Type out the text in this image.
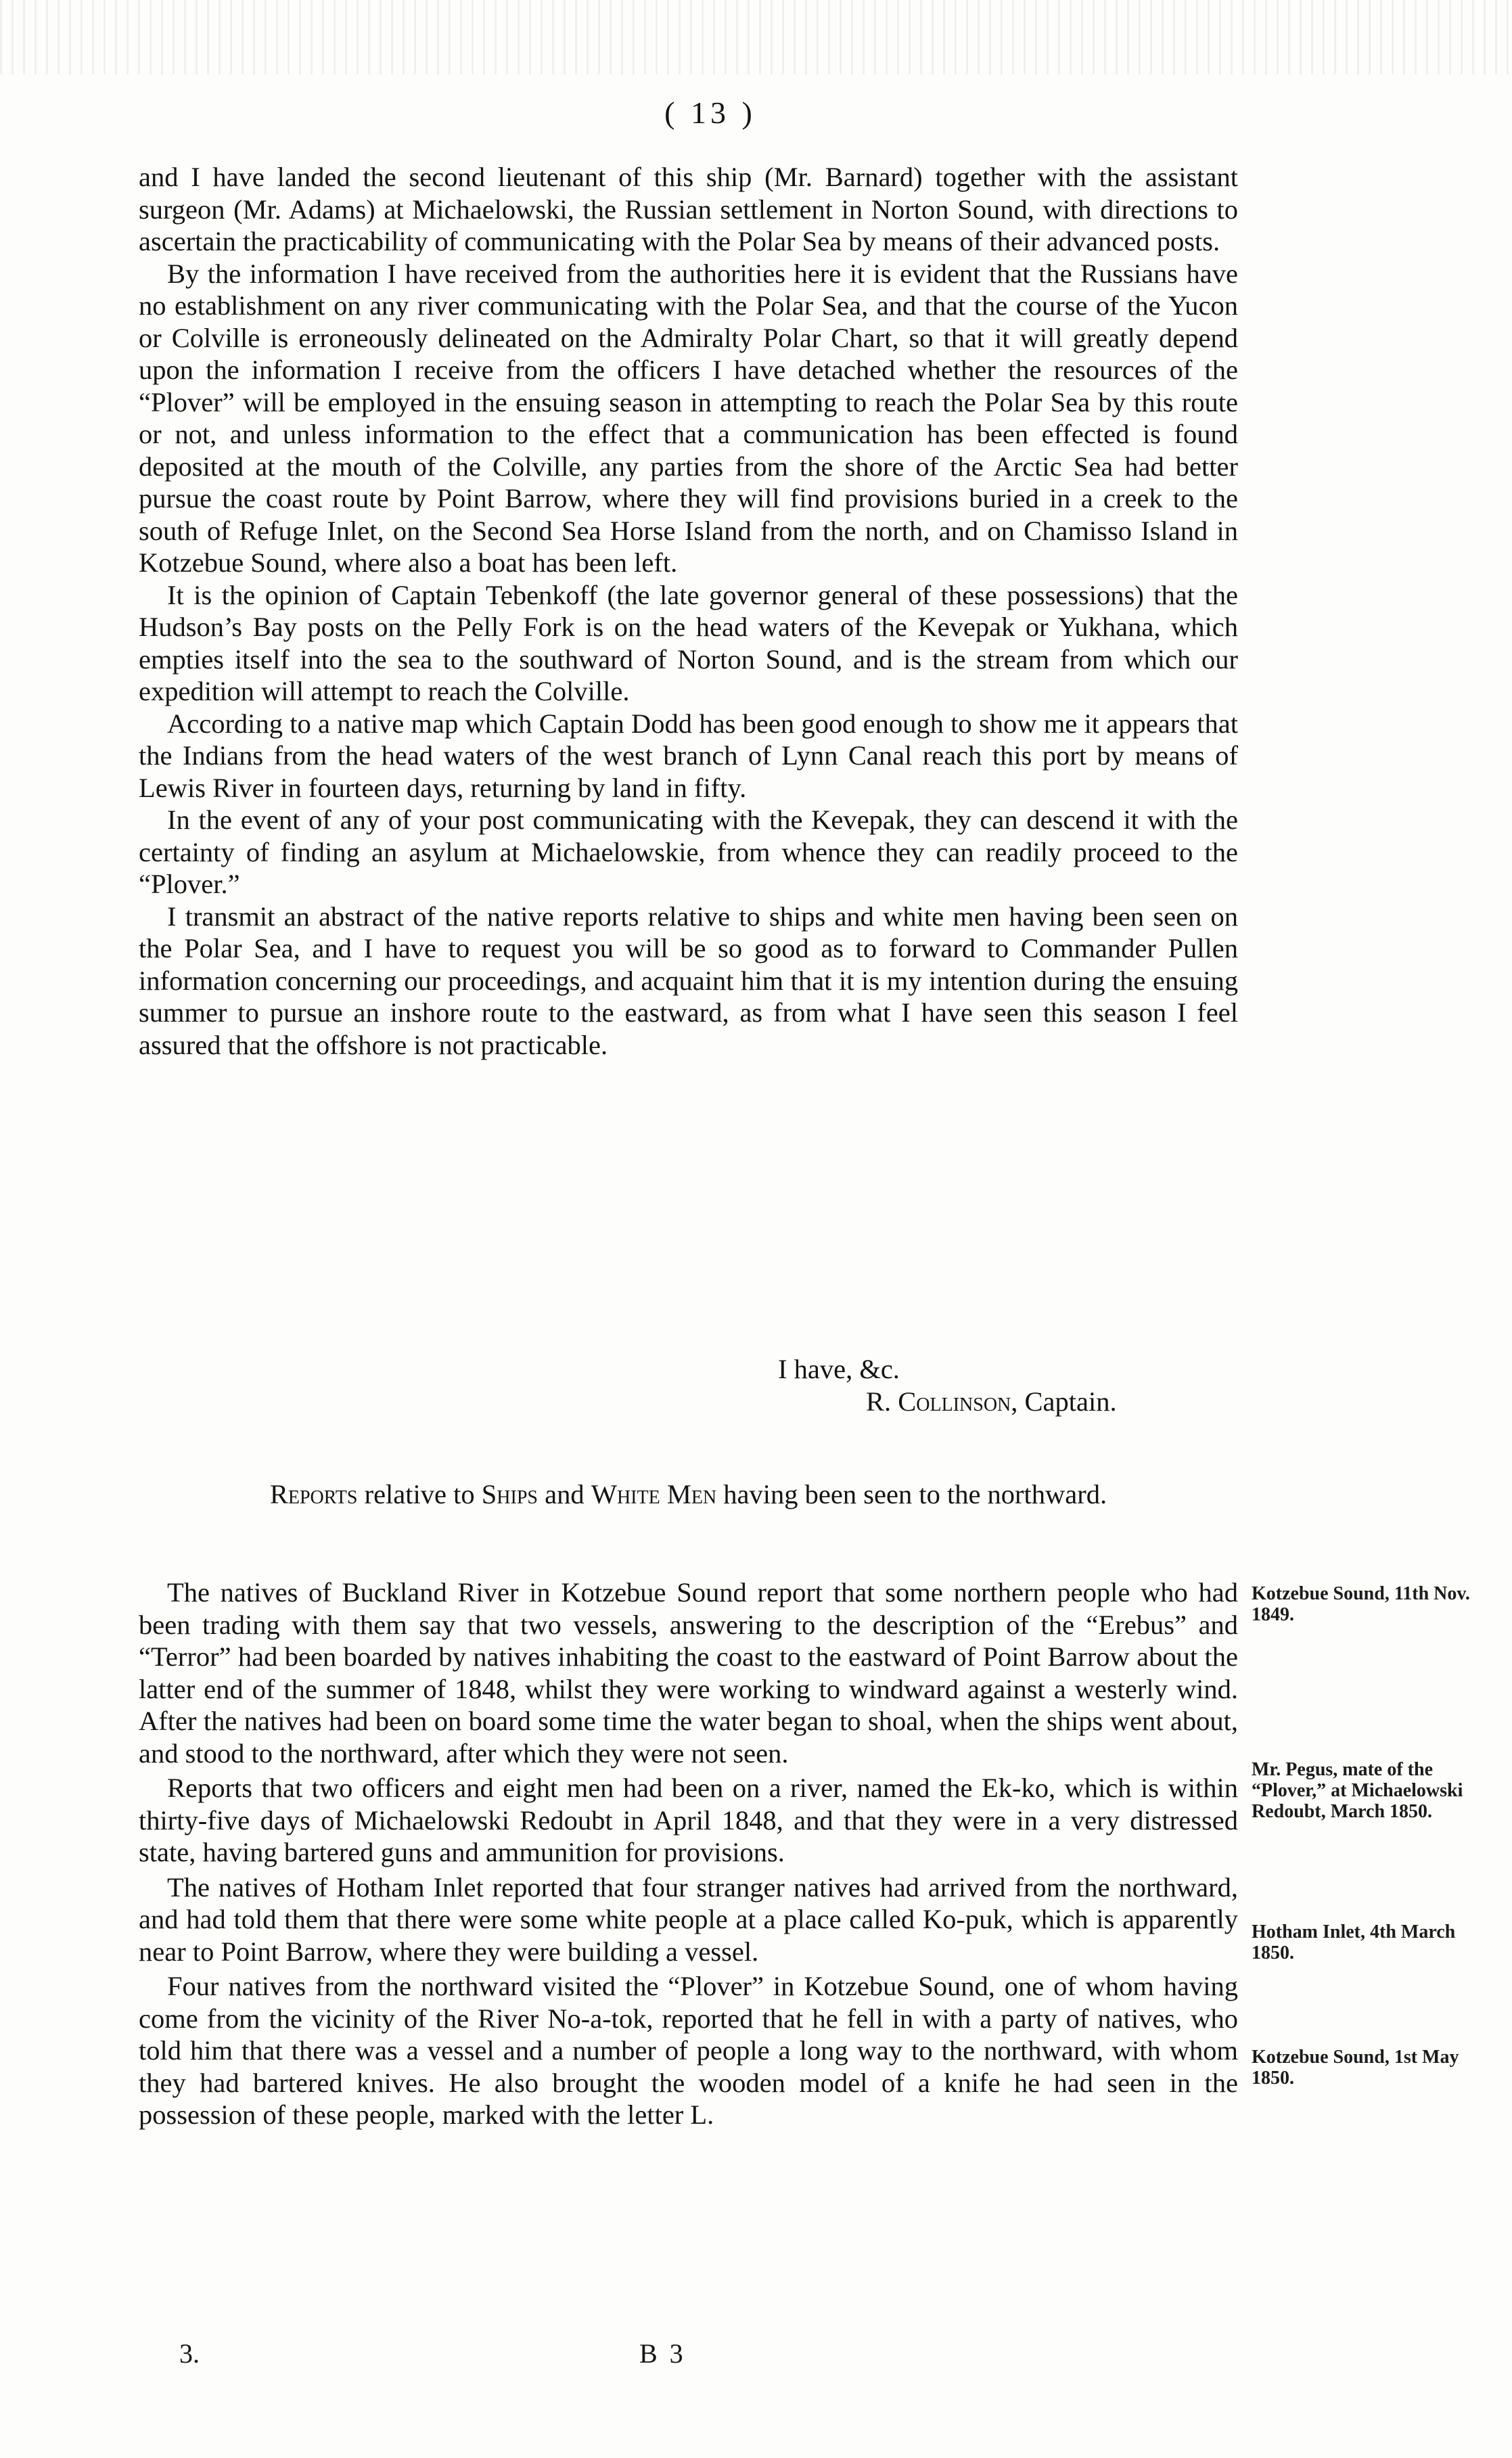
( 13 )

and I have landed the second lieutenant of this ship (Mr. Barnard) together with the assistant surgeon (Mr. Adams) at Michaelowski, the Russian settlement in Norton Sound, with directions to ascertain the practicability of communicating with the Polar Sea by means of their advanced posts.

By the information I have received from the authorities here it is evident that the Russians have no establishment on any river communicating with the Polar Sea, and that the course of the Yucon or Colville is erroneously delineated on the Admiralty Polar Chart, so that it will greatly depend upon the information I receive from the officers I have detached whether the resources of the “Plover” will be employed in the ensuing season in attempting to reach the Polar Sea by this route or not, and unless information to the effect that a communication has been effected is found deposited at the mouth of the Colville, any parties from the shore of the Arctic Sea had better pursue the coast route by Point Barrow, where they will find provisions buried in a creek to the south of Refuge Inlet, on the Second Sea Horse Island from the north, and on Chamisso Island in Kotzebue Sound, where also a boat has been left.

It is the opinion of Captain Tebenkoff (the late governor general of these possessions) that the Hudson’s Bay posts on the Pelly Fork is on the head waters of the Kevepak or Yukhana, which empties itself into the sea to the southward of Norton Sound, and is the stream from which our expedition will attempt to reach the Colville.

According to a native map which Captain Dodd has been good enough to show me it appears that the Indians from the head waters of the west branch of Lynn Canal reach this port by means of Lewis River in fourteen days, returning by land in fifty.

In the event of any of your post communicating with the Kevepak, they can descend it with the certainty of finding an asylum at Michaelowskie, from whence they can readily proceed to the “Plover.”

I transmit an abstract of the native reports relative to ships and white men having been seen on the Polar Sea, and I have to request you will be so good as to forward to Commander Pullen information concerning our proceedings, and acquaint him that it is my intention during the ensuing summer to pursue an inshore route to the eastward, as from what I have seen this season I feel assured that the offshore is not practicable.

I have, &c.

R. Collinson, Captain.

Reports relative to Ships and White Men having been seen to the northward.

The natives of Buckland River in Kotzebue Sound report that some northern people who had been trading with them say that two vessels, answering to the description of the “Erebus” and “Terror” had been boarded by natives inhabiting the coast to the eastward of Point Barrow about the latter end of the summer of 1848, whilst they were working to windward against a westerly wind. After the natives had been on board some time the water began to shoal, when the ships went about, and stood to the northward, after which they were not seen.

Reports that two officers and eight men had been on a river, named the Ek-ko, which is within thirty-five days of Michaelowski Redoubt in April 1848, and that they were in a very distressed state, having bartered guns and ammunition for provisions.

The natives of Hotham Inlet reported that four stranger natives had arrived from the northward, and had told them that there were some white people at a place called Ko-puk, which is apparently near to Point Barrow, where they were building a vessel.

Four natives from the northward visited the “Plover” in Kotzebue Sound, one of whom having come from the vicinity of the River No-a-tok, reported that he fell in with a party of natives, who told him that there was a vessel and a number of people a long way to the northward, with whom they had bartered knives. He also brought the wooden model of a knife he had seen in the possession of these people, marked with the letter L.

Kotzebue Sound, 11th Nov. 1849.
Mr. Pegus, mate of the “Plover,” at Michaelowski Redoubt, March 1850.
Hotham Inlet, 4th March 1850.
Kotzebue Sound, 1st May 1850.
3.	B 3
